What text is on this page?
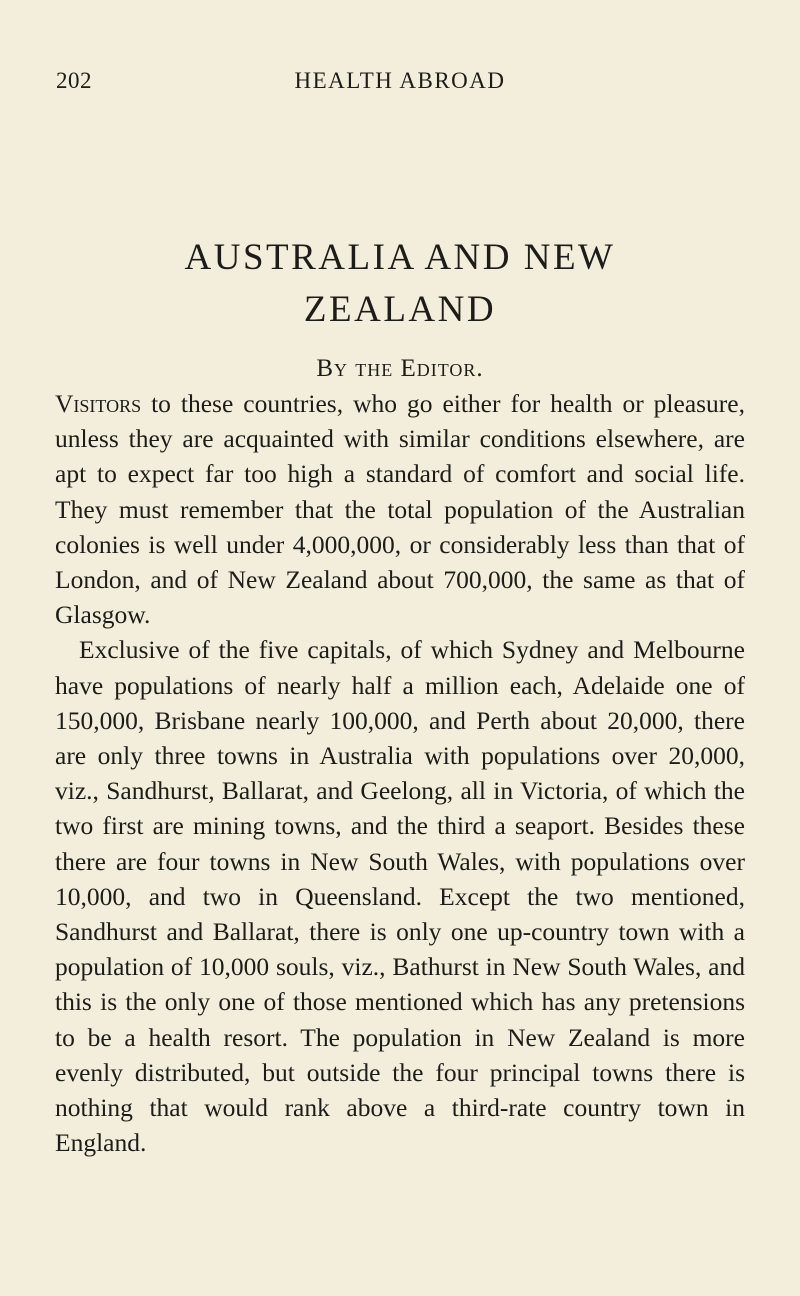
202	HEALTH ABROAD
AUSTRALIA AND NEW
ZEALAND
By the Editor.

Visitors to these countries, who go either for health or pleasure, unless they are acquainted with similar conditions elsewhere, are apt to expect far too high a standard of comfort and social life. They must remember that the total population of the Australian colonies is well under 4,000,000, or considerably less than that of London, and of New Zealand about 700,000, the same as that of Glasgow.

Exclusive of the five capitals, of which Sydney and Melbourne have populations of nearly half a million each, Adelaide one of 150,000, Brisbane nearly 100,000, and Perth about 20,000, there are only three towns in Australia with populations over 20,000, viz., Sandhurst, Ballarat, and Geelong, all in Victoria, of which the two first are mining towns, and the third a seaport. Besides these there are four towns in New South Wales, with populations over 10,000, and two in Queensland. Except the two mentioned, Sandhurst and Ballarat, there is only one up-country town with a population of 10,000 souls, viz., Bathurst in New South Wales, and this is the only one of those mentioned which has any pretensions to be a health resort. The population in New Zealand is more evenly distributed, but outside the four principal towns there is nothing that would rank above a third-rate country town in England.
